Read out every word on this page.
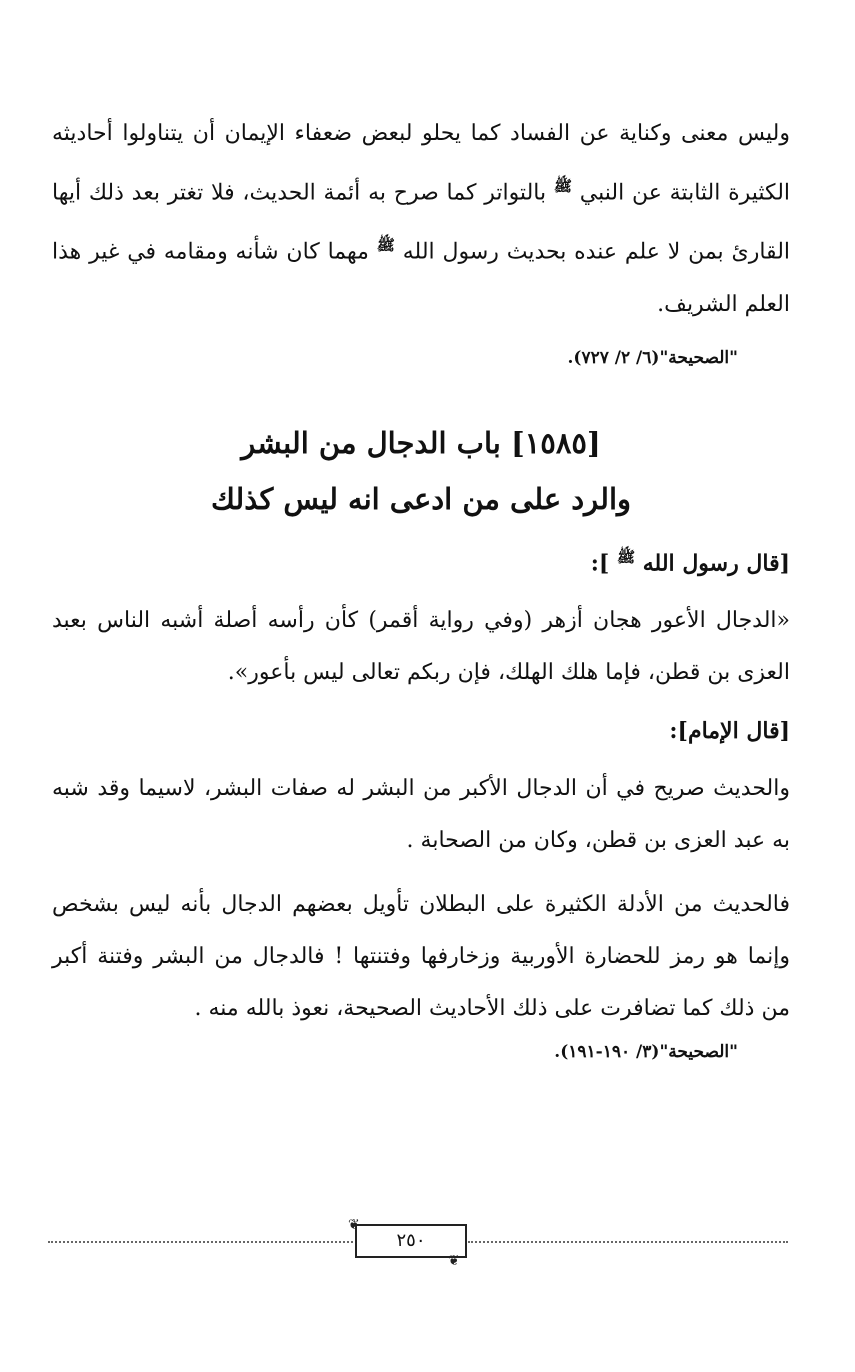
وليس معنى وكناية عن الفساد كما يحلو لبعض ضعفاء الإيمان أن يتناولوا أحاديثه الكثيرة الثابتة عن النبي $^ﷺ$ بالتواتر كما صرح به أئمة الحديث، فلا تغتر بعد ذلك أيها القارئ بمن لا علم عنده بحديث رسول الله $^ﷺ$ مهما كان شأنه ومقامه في غير هذا العلم الشريف.

"الصحيحة"(٦/ ٢/ ٧٢٧).

[١٥٨٥] باب الدجال من البشر
والرد على من ادعى انه ليس كذلك

[قال رسول الله $^ﷺ$ ]:

«الدجال الأعور هجان أزهر (وفي رواية أقمر) كأن رأسه أصلة أشبه الناس بعبد العزى بن قطن، فإما هلك الهلك، فإن ربكم تعالى ليس بأعور».

[قال الإمام]:

والحديث صريح في أن الدجال الأكبر من البشر له صفات البشر، لاسيما وقد شبه به عبد العزى بن قطن، وكان من الصحابة .

فالحديث من الأدلة الكثيرة على البطلان تأويل بعضهم الدجال بأنه ليس بشخص وإنما هو رمز للحضارة الأوربية وزخارفها وفتنتها ! فالدجال من البشر وفتنة أكبر من ذلك كما تضافرت على ذلك الأحاديث الصحيحة، نعوذ بالله منه .

"الصحيحة"(٣/ ١٩٠-١٩١).

❦
❦
٢٥٠
